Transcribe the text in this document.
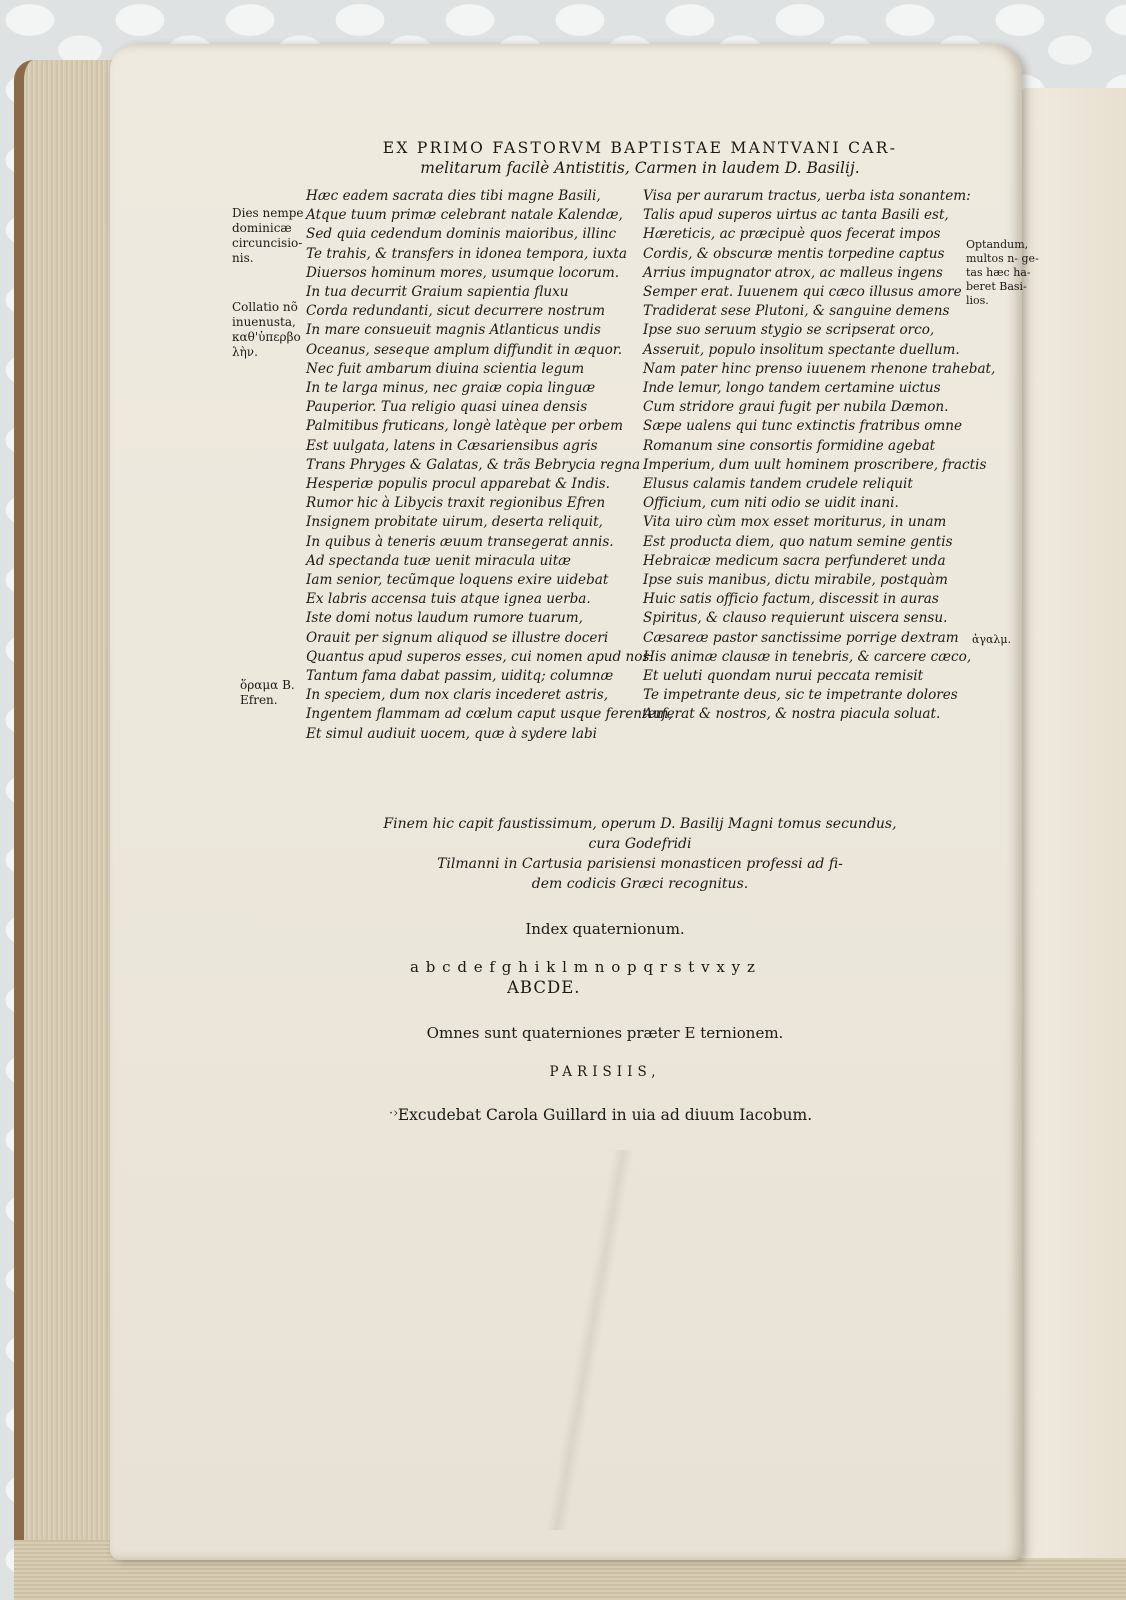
EX PRIMO FASTORVM BAPTISTAE MANTVANI CAR-
melitarum facilè Antistitis, Carmen in laudem D. Basilij.
Hæc eadem sacrata dies tibi magne Basili,
Atque tuum primæ celebrant natale Kalendæ,
Sed quia cedendum dominis maioribus, illinc
Te trahis, & transfers in idonea tempora, iuxta
Diuersos hominum mores, usumque locorum.
In tua decurrit Graium sapientia fluxu
Corda redundanti, sicut decurrere nostrum
In mare consueuit magnis Atlanticus undis
Oceanus, seseque amplum diffundit in æquor.
Nec fuit ambarum diuina scientia legum
In te larga minus, nec graiæ copia linguæ
Pauperior. Tua religio quasi uinea densis
Palmitibus fruticans, longè latèque per orbem
Est uulgata, latens in Cæsariensibus agris
Trans Phryges & Galatas, & trãs Bebrycia regna
Hesperiæ populis procul apparebat & Indis.
Rumor hic à Libycis traxit regionibus Efren
Insignem probitate uirum, deserta reliquit,
In quibus à teneris æuum transegerat annis.
Ad spectanda tuæ uenit miracula uitæ
Iam senior, tecũmque loquens exire uidebat
Ex labris accensa tuis atque ignea uerba.
Iste domi notus laudum rumore tuarum,
Orauit per signum aliquod se illustre doceri
Quantus apud superos esses, cui nomen apud nos
Tantum fama dabat passim, uiditq; columnæ
In speciem, dum nox claris incederet astris,
Ingentem flammam ad cœlum caput usque ferentem,
Et simul audiuit uocem, quæ à sydere labi
Visa per aurarum tractus, uerba ista sonantem:
Talis apud superos uirtus ac tanta Basili est,
Hæreticis, ac præcipuè quos fecerat impos
Cordis, & obscuræ mentis torpedine captus
Arrius impugnator atrox, ac malleus ingens
Semper erat. Iuuenem qui cæco illusus amore
Tradiderat sese Plutoni, & sanguine demens
Ipse suo seruum stygio se scripserat orco,
Asseruit, populo insolitum spectante duellum.
Nam pater hinc prenso iuuenem rhenone trahebat,
Inde lemur, longo tandem certamine uictus
Cum stridore graui fugit per nubila Dæmon.
Sæpe ualens qui tunc extinctis fratribus omne
Romanum sine consortis formidine agebat
Imperium, dum uult hominem proscribere, fractis
Elusus calamis tandem crudele reliquit
Officium, cum niti odio se uidit inani.
Vita uiro cùm mox esset moriturus, in unam
Est producta diem, quo natum semine gentis
Hebraicæ medicum sacra perfunderet unda
Ipse suis manibus, dictu mirabile, postquàm
Huic satis officio factum, discessit in auras
Spiritus, & clauso requierunt uiscera sensu.
Cæsareæ pastor sanctissime porrige dextram
His animæ clausæ in tenebris, & carcere cæco,
Et ueluti quondam nurui peccata remisit
Te impetrante deus, sic te impetrante dolores
Auferat & nostros, & nostra piacula soluat.
Dies nempe
dominicæ
circuncisio-
nis.
Collatio nõ
inuenusta,
καθ'ὑπερβο
λὴν.
ὅραμα B.
Efren.
Optandum,
multos n- ge-
tas hæc ha-
beret Basi-
lios.
ἀγαλμ.
Finem hic capit faustissimum, operum D. Basilij Magni tomus secundus, cura Godefridi
Tilmanni in Cartusia parisiensi monasticen professi ad fi-
dem codicis Græci recognitus.
Index quaternionum.
abcdefghiklmnopqrstvxyz
ABCDE.
Omnes sunt quaterniones præter E ternionem.
PARISIIS,
·› Excudebat Carola Guillard in uia ad diuum Iacobum.
